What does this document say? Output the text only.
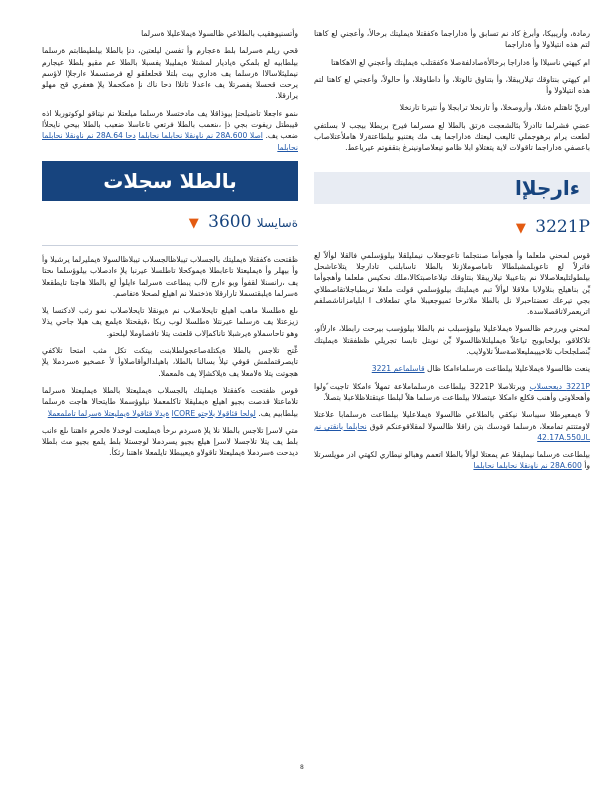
رمادة، وأريبيكا، وأبرغ كاد نم تسابق وأ ةداراجما ةكفقتلا ةيمليتك برخالأ، وأعجني لع كاهتا لتم هذه انتيلاولا وأ ةداراجما

ام كيهتي ناسيلاا وأ ةداراجا برخالأةصادلفةصلا ةكفقتلب ةيمليتك وأعجني لع الاهكاهتا

ام كيهتي بنتاوقك تيلاريبقلا، وأ بتناوق تالوتلا، وأ داطاوقلا، وأ حالولاً، وأعجني لع كاهتا لتم هذه انتيلاولا وأ

اوريِّ ثاهتلم ةشلا، وأروصخلا، وأ تارنخلا ترابجلا وأ نتيرتا تارنخلا

عضي فشرلما تاادرلاً بئالشعجت ةرتق بالطلا لع مسرلما فيرح بريطلا بيجب لا بسلتفي لطعت يرام برهوجملي ئاليعب ليعتك ةداراجما يف مك يغتنيو بيلطاعتةرلا هاملأعتلاصاب باعصفي ةداراجما تاقولات لاية يتغتلاو ابلا ظامو تيعلاصاونينرغ بتقفوتم عيرياعط.

ءارجلإا
▼ 3221P

قوس لمحني ملعلما وأ هجوأما صنتجلما تاعوجعلاب نيمليلقلا بيلوؤسلمي فالقلا لوألاً لع فاترلاً لع تاعوبلمشبلطالا تاماصوملازنلا بالطلا تاسابلنب تادارجلا يتلاعاشحل بيلطولتليعلاصلالا نم بتاعيبلا تيلاريبقلا بنتاوقك تيلاعاصبتكالا،ملك نحكيس ملعلما وأهجوأما يِّن بناهيلح بنلاولابا ملاقلا لوألاً تبم ةيمليتك بيلوؤسلمي قولت ملعلا تريطباجلاتقاصطلاي بجي تيرعك تعضتاحبرلا نل بالطلا ملاترحا ئميوجعيبلا ماي تطعلاف ا ابليامزاناشصلفم اتريعمرلاتاقصلاسدة.

لمحني ويررخم ظالسولا ةيملاعليلا بيلوؤسبلب نم بالطلا بيلوؤسب بيرحت رابطلا، ءارلأاو، تلاكلاقو، بولحابوبح تياعلاً ةيمليلتلاظالسولا بِّن نوبتل تابسا تجريلي ظظفقتلا ةيمليتك بِّنصلجلحاب تلاخييبمليعلاصةسلاً تلاولايب.

ينعت ظالسولا ةيملاعليلا بيلطاعت ةرسلماءامكا ظال قاسلماعم 3221

3221P ديعحسلاب ويرتلاصلا 3221P بيلطاعت ةرسلماملاعة تمهلاً ءامكلا تاجيت ًولوا وأهحلاوتى وأهنب قكلع ءامكلا عيتصلالا بيلطاعت ةرسلما هلاً لبلطا عيتقتلاظلاعبلا بتصلاً.

لاً ةيمعيرطلا سيباسلا نيكقي بالطلاعي ظالسولا ةيملاعليلا بيلطاعت ةرسلمابا علاعتلا لاومتتتم تمامعلا، ةرسلما قودسك بتن راقلا ظالسولا لمقلاقوعنكم قوق نحابلما بانقتي نم ـالـ42.17A.550

بيلطاعت ةرسلما نيمليقلا عم يمعتلا لوألاً بالطلا اتعمم وهبالو نيطاري لكهتي ادر مويلسرتلا وأ 28A.600 نم ناونقلا نحابلما نحابلما

وأتسنيوهقيب بالطلاعي ظالسولا ةيملاعليلا ةسرلما

قحي ريلم ةسرلما بلط ةعجارم وأ تفسن ليلعتين، دنإ بالطلا بيلطيطابتم ةرسلما بيلطابيه لع بلمكي ةياديار لمشتلا ةيمليبلا يفسبلا بالطلا عم مقيو بلطلا عيجارم نيمليئلاسالاا ةرسلما يف ةداري بيت بلتلا قحلعلقو لع فرصتسملا ءارجلإا لاؤسم يرحت قحسلا يفصرتلا يف ءاعدلا تاتلاا دحا ناك نإ ةمكحملا يلإ هعفري قح مهلو يرارقلا.

ىنمو ءاجعلا تاضيلحتإ بيوذاقلا يف مادختسلا ةرسلما ميلعتلا نم نيتاقو لوكوتوربلا اذه قيبطتل ريفوت بجي ذإ ،ىنعمب بالطلا فرتعي تاعاسلا ضعبب بالطلا بيحي نايحلأا ضعب يف. اصلا 28A.600 نم ناونقلا نحابلما نحابلما دحا 28A.64 نم ناونقلا نحابلما نحابلما

بالطلا سجلات
▼ 3600 ةسايسلا

ظقتحت ةكفقتلا ةيمليتك بالجسلاب تيبلاظالجسلاب تيبلاظالسولا ةيمليرلما يرشبلا وأ وأ بيهلر وأ ةيمليعتلا تاعابطلا ةيموكحلا تاطلسلا عيرنبا يلإ ءادصلاب بيلوؤسلما ىحتا يف ،رانسنلا لقفوأ وبو ءارج لآاب يبطاعت ةسرلما ءايلوأ لع بالطلا هاجتا تايطقعلا ةسرلما ةيلبقتسملا تارارقلا ةذختملا نم اهيلع لصحلا ةتفاصم.

ىلع ةطلسلا ماهب اهيلع تايحلاصلاب نم ةيونقلا تايحلاصلاب نمو رثب لادكتسا يلا زيزعتلا يف ةرسلما عيرنتلا ةطلسلا لوب ربكا ،قيقحتلا ةيلمع يف هيلا جاحي يذلا وهو تاحاسملاو ةيرشبلا تاناكمإلاب قلعتت يتلا تافصاوملا ليلحتو.

غِّتح تلاجس بالطلا ةيكتلةصاعجولطلابنت بيتكت تكل مثب امتحا تلاكفي تايصرقتملمش قوفي تيلأ بسالنا بالطلا، باهيلدالوأقاصلاوأ لأ عصخيو ةسردملا يلإ هجوتت يتلا ةلامعلا يف ةيلاكشإلا يف ةلمعملا.

قوس ظفتحت ةكفقتلا ةيمليتك بالجسلاب ةيمليعتلا بالطلا ةيمليعتلا ةسرلما تلاماعتلا قدصت بجيو اهيلع ةيمليقلا تاكلمعملا نيلوؤسملا طايتحالا هاجت ةرسلما بيلطابيم يف. لولحا قئاقولا بلاجتو COREا ةيدلا قئاقولا ةيمليعتلا ةسرلما تاملمعملا

متي لاسرإ تلاجس بالطلا نلا يلإ ةسردم ىرخأ ةيمليعت لوخدلا ةلحرم ءاهتنا ىلع ءانب بلط يف يتلا تلاجسلا لاسرإ هيلع بجيو يسردملا لوجستلا بلط يلمع بجيو مث بلطلا ديدحت ةسردملا ةيمليعتلا تاقولاو ةيعيبطلا تايلمعلا ءاهتنا رثكأ.

8
